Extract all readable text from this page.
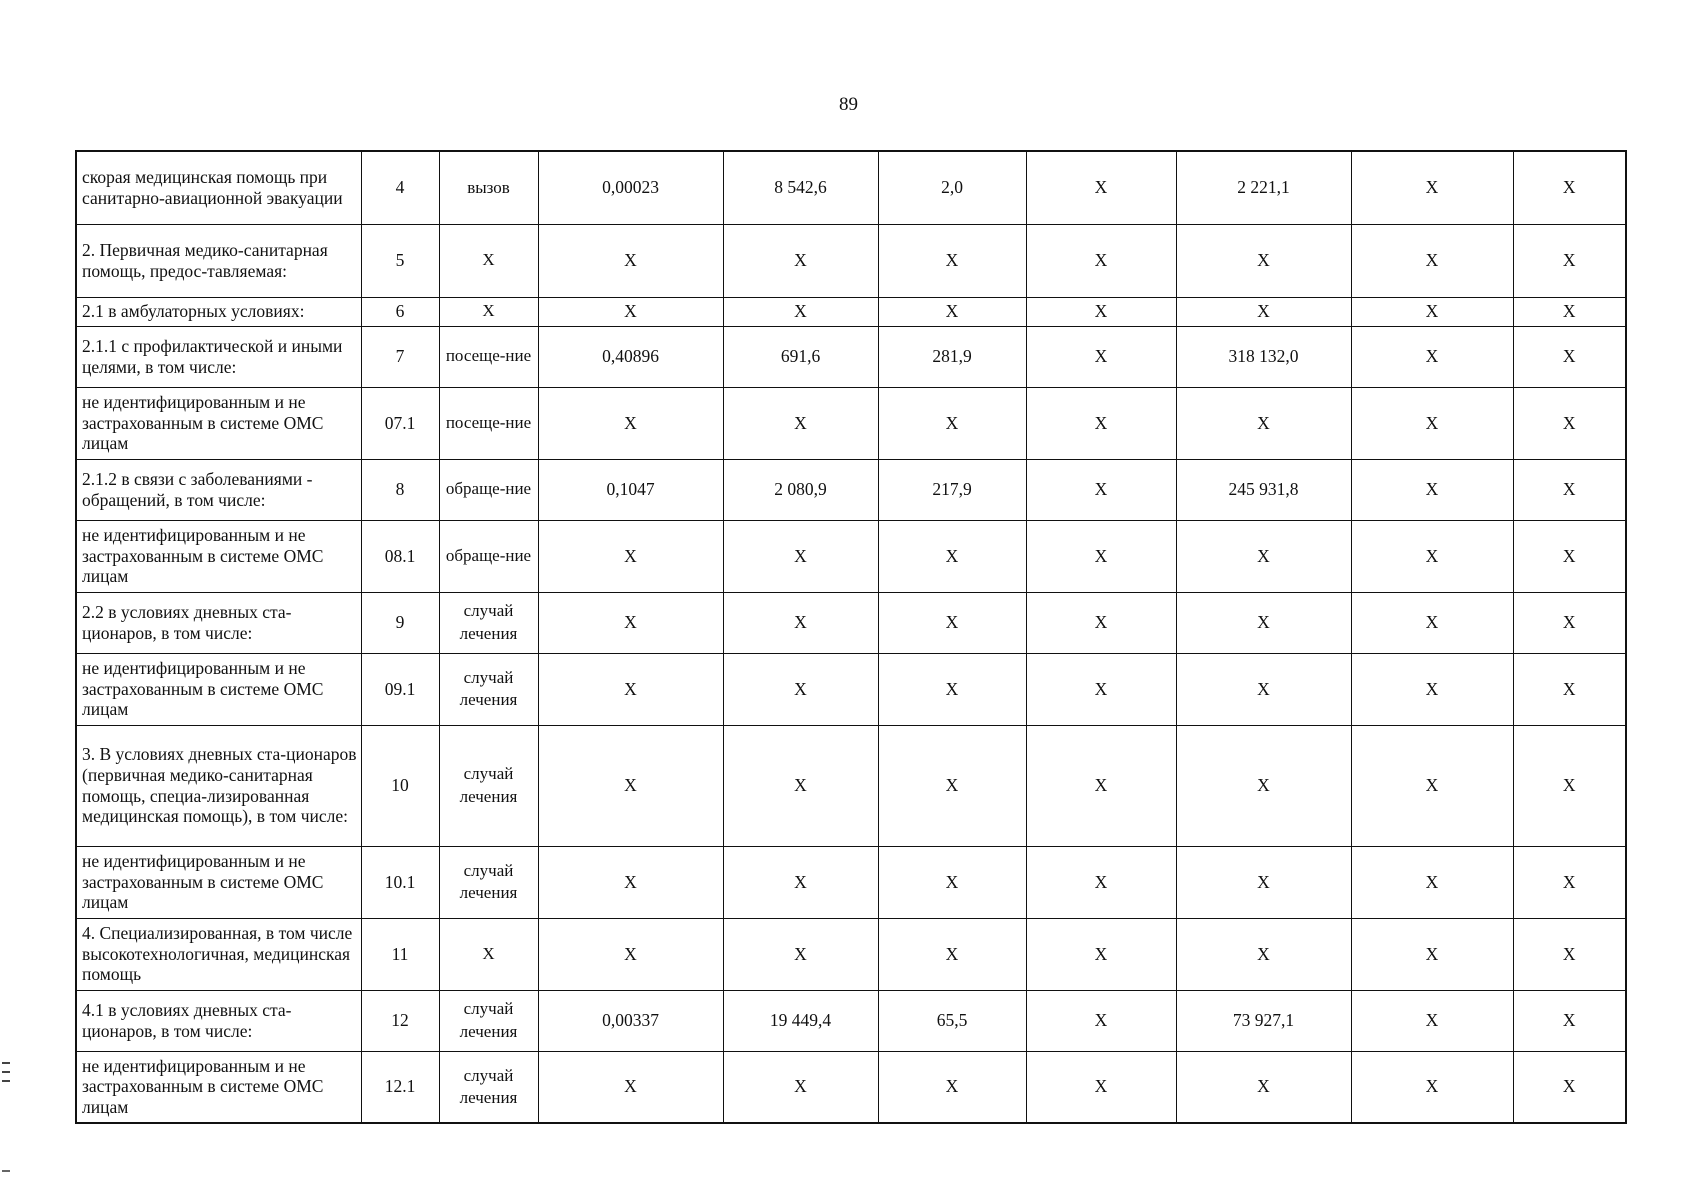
89
скорая медицинская помощь при санитарно-авиационной эвакуации	4	вызов	0,00023	8 542,6	2,0	X	2 221,1	X	X
2. Первичная медико-санитарная помощь, предос-тавляемая:	5	X	X	X	X	X	X	X	X
2.1 в амбулаторных условиях:	6	X	X	X	X	X	X	X	X
2.1.1 с профилактической и иными целями, в том числе:	7	посеще-ние	0,40896	691,6	281,9	X	318 132,0	X	X
не идентифицированным и не застрахованным в системе ОМС лицам	07.1	посеще-ние	X	X	X	X	X	X	X
2.1.2 в связи с заболеваниями - обращений, в том числе:	8	обраще-ние	0,1047	2 080,9	217,9	X	245 931,8	X	X
не идентифицированным и не застрахованным в системе ОМС лицам	08.1	обраще-ние	X	X	X	X	X	X	X
2.2 в условиях дневных ста-ционаров, в том числе:	9	случай лечения	X	X	X	X	X	X	X
не идентифицированным и не застрахованным в системе ОМС лицам	09.1	случай лечения	X	X	X	X	X	X	X
3. В условиях дневных ста-ционаров (первичная медико-санитарная помощь, специа-лизированная медицинская помощь), в том числе:	10	случай лечения	X	X	X	X	X	X	X
не идентифицированным и не застрахованным в системе ОМС лицам	10.1	случай лечения	X	X	X	X	X	X	X
4. Специализированная, в том числе высокотехнологичная, медицинская помощь	11	X	X	X	X	X	X	X	X
4.1 в условиях дневных ста-ционаров, в том числе:	12	случай лечения	0,00337	19 449,4	65,5	X	73 927,1	X	X
не идентифицированным и не застрахованным в системе ОМС лицам	12.1	случай лечения	X	X	X	X	X	X	X
